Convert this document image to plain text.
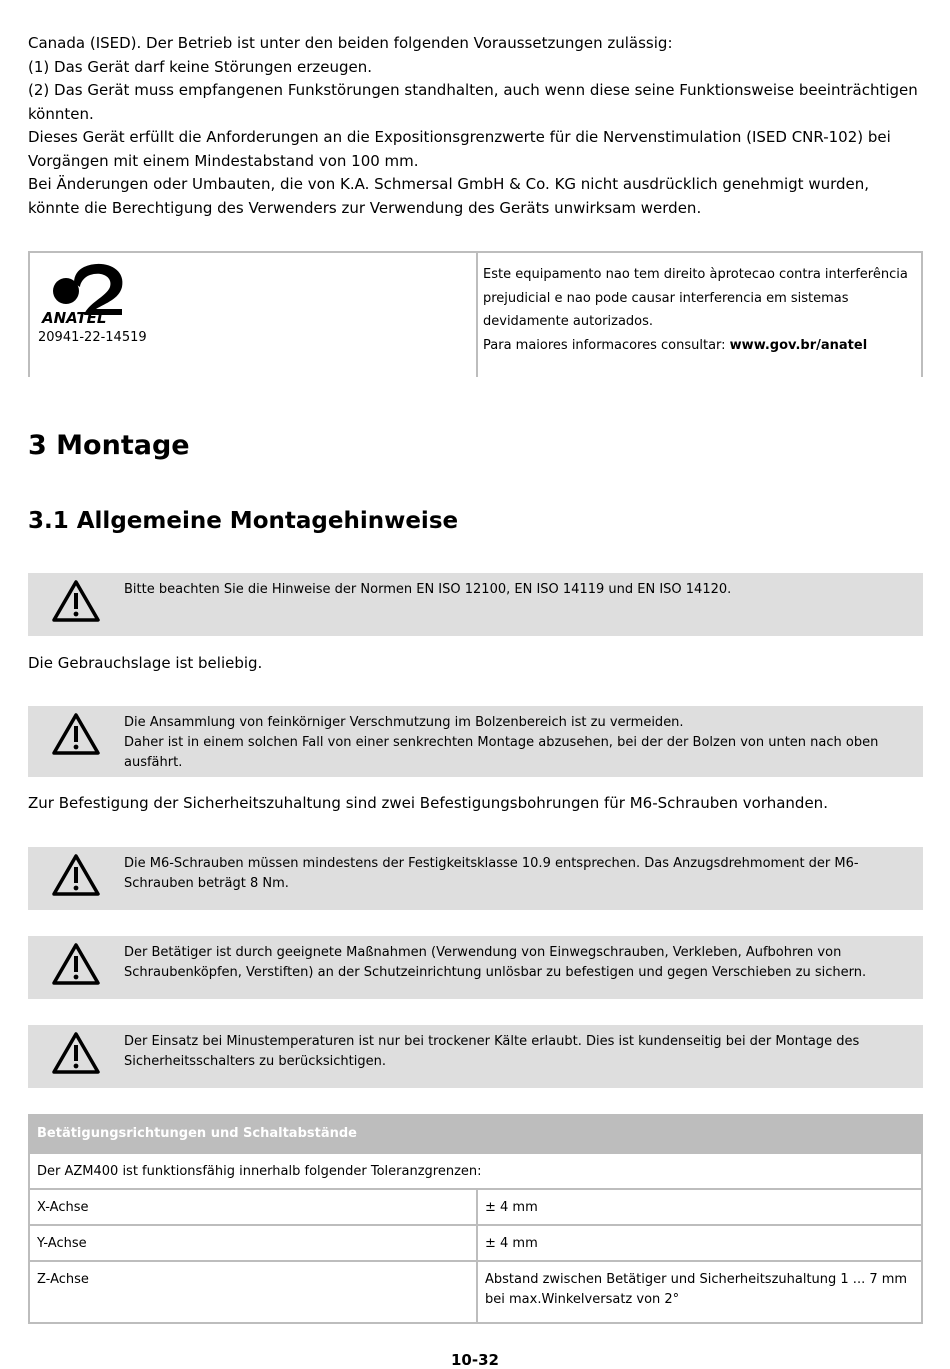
Canada (ISED). Der Betrieb ist unter den beiden folgenden Voraussetzungen zulässig:

(1) Das Gerät darf keine Störungen erzeugen.

(2) Das Gerät muss empfangenen Funkstörungen standhalten, auch wenn diese seine Funktionsweise beeinträchtigen könnten.

Dieses Gerät erfüllt die Anforderungen an die Expositionsgrenzwerte für die Nervenstimulation (ISED CNR-102) bei Vorgängen mit einem Mindestabstand von 100 mm.

Bei Änderungen oder Umbauten, die von K.A. Schmersal GmbH & Co. KG nicht ausdrücklich genehmigt wurden, könnte die Berechtigung des Verwenders zur Verwendung des Geräts unwirksam werden.

ANATEL
20941-22-14519

Este equipamento nao tem direito àprotecao contra interferência prejudicial e nao pode causar interferencia em sistemas devidamente autorizados.

Para maiores informacores consultar: www.gov.br/anatel

3 Montage
3.1 Allgemeine Montagehinweise

Bitte beachten Sie die Hinweise der Normen EN ISO 12100, EN ISO 14119 und EN ISO 14120.

Die Gebrauchslage ist beliebig.

Die Ansammlung von feinkörniger Verschmutzung im Bolzenbereich ist zu vermeiden.

Daher ist in einem solchen Fall von einer senkrechten Montage abzusehen, bei der der Bolzen von unten nach oben ausfährt.

Zur Befestigung der Sicherheitszuhaltung sind zwei Befestigungsbohrungen für M6-Schrauben vorhanden.

Die M6-Schrauben müssen mindestens der Festigkeitsklasse 10.9 entsprechen. Das Anzugsdrehmoment der M6-Schrauben beträgt 8 Nm.

Der Betätiger ist durch geeignete Maßnahmen (Verwendung von Einwegschrauben, Verkleben, Aufbohren von Schraubenköpfen, Verstiften) an der Schutzeinrichtung unlösbar zu befestigen und gegen Verschieben zu sichern.

Der Einsatz bei Minustemperaturen ist nur bei trockener Kälte erlaubt. Dies ist kundenseitig bei der Montage des Sicherheitsschalters zu berücksichtigen.

Betätigungsrichtungen und Schaltabstände	
Der AZM400 ist funktionsfähig innerhalb folgender Toleranzgrenzen:	
X-Achse	± 4 mm
Y-Achse	± 4 mm
Z-Achse	Abstand zwischen Betätiger und Sicherheitszuhaltung 1 ... 7 mm bei max.Winkelversatz von 2°
10-32
